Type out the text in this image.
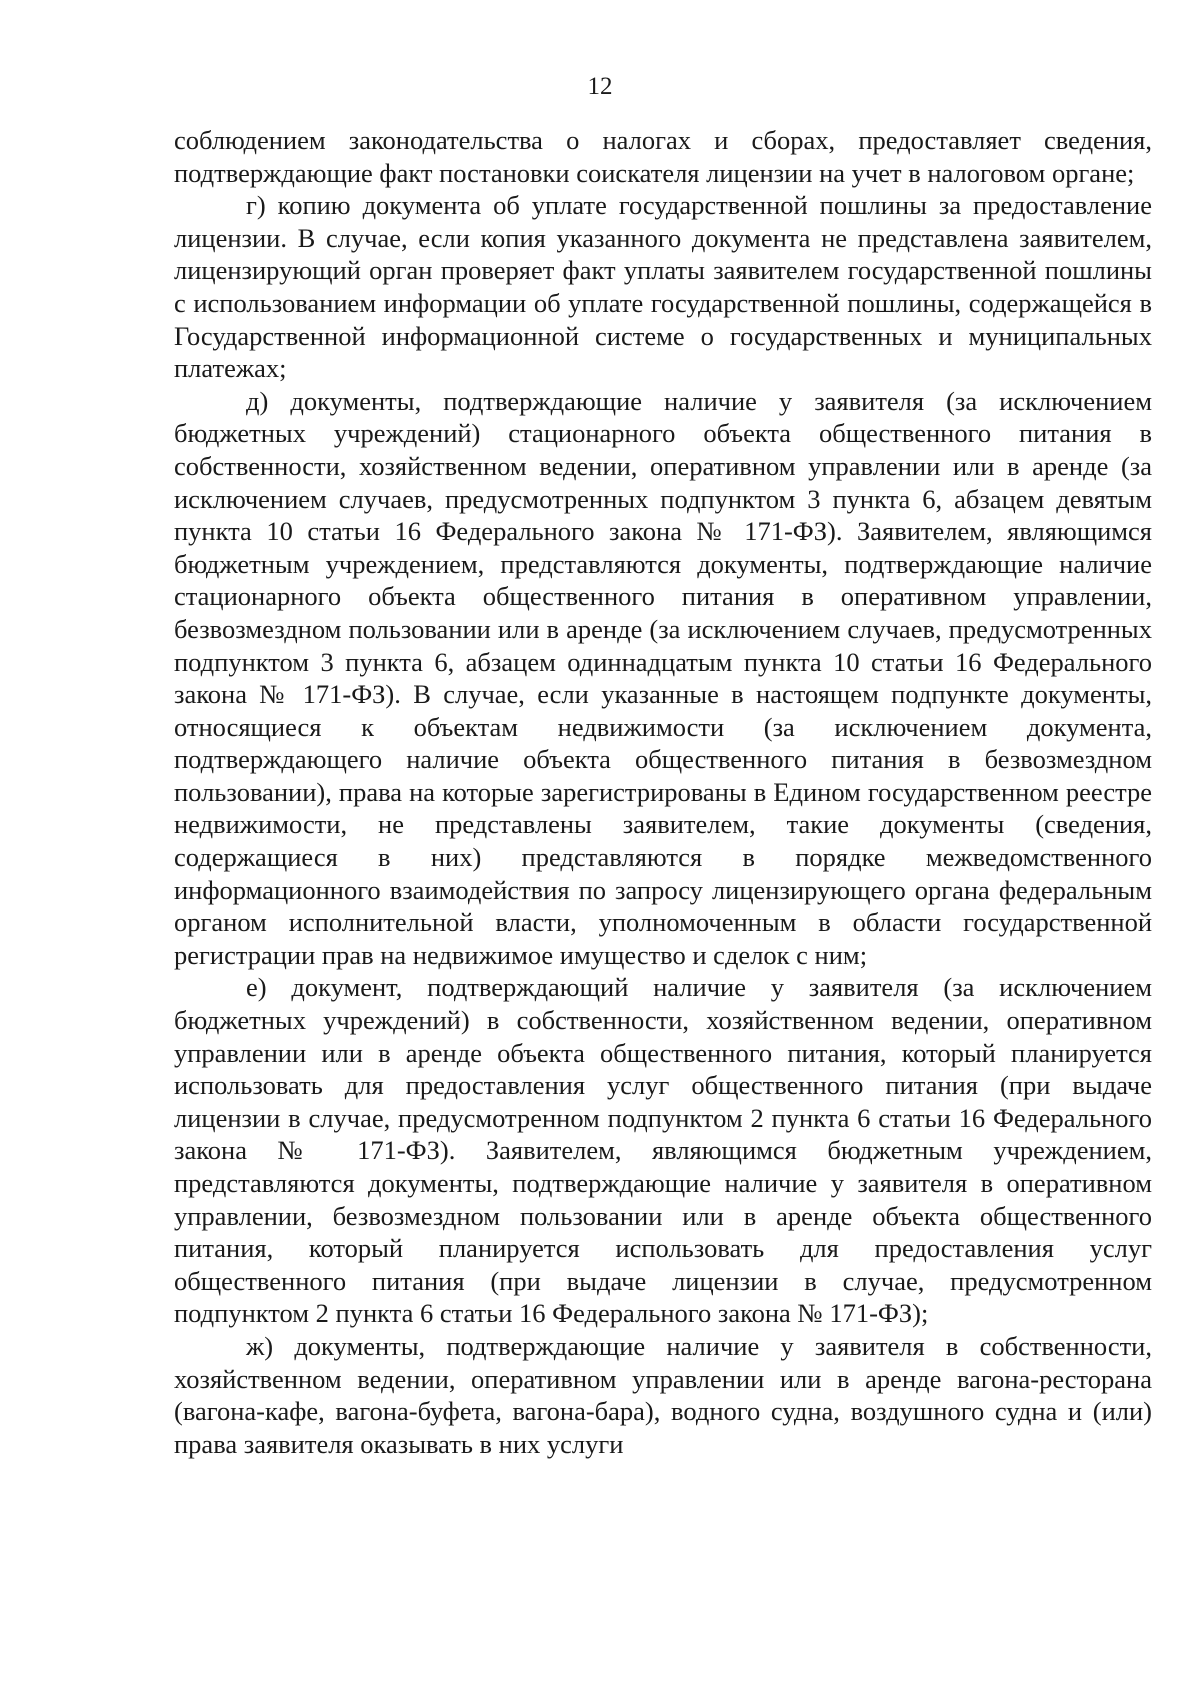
12

соблюдением законодательства о налогах и сборах, предоставляет сведения, подтверждающие факт постановки соискателя лицензии на учет в налоговом органе;

г) копию документа об уплате государственной пошлины за предоставление лицензии. В случае, если копия указанного документа не представлена заявителем, лицензирующий орган проверяет факт уплаты заявителем государственной пошлины с использованием информации об уплате государственной пошлины, содержащейся в Государственной информационной системе о государственных и муниципальных платежах;

д) документы, подтверждающие наличие у заявителя (за исключением бюджетных учреждений) стационарного объекта общественного питания в собственности, хозяйственном ведении, оперативном управлении или в аренде (за исключением случаев, предусмотренных подпунктом 3 пункта 6, абзацем девятым пункта 10 статьи 16 Федерального закона № 171-ФЗ). Заявителем, являющимся бюджетным учреждением, представляются документы, подтверждающие наличие стационарного объекта общественного питания в оперативном управлении, безвозмездном пользовании или в аренде (за исключением случаев, предусмотренных подпунктом 3 пункта 6, абзацем одиннадцатым пункта 10 статьи 16 Федерального закона № 171-ФЗ). В случае, если указанные в настоящем подпункте документы, относящиеся к объектам недвижимости (за исключением документа, подтверждающего наличие объекта общественного питания в безвозмездном пользовании), права на которые зарегистрированы в Едином государственном реестре недвижимости, не представлены заявителем, такие документы (сведения, содержащиеся в них) представляются в порядке межведомственного информационного взаимодействия по запросу лицензирующего органа федеральным органом исполнительной власти, уполномоченным в области государственной регистрации прав на недвижимое имущество и сделок с ним;

е) документ, подтверждающий наличие у заявителя (за исключением бюджетных учреждений) в собственности, хозяйственном ведении, оперативном управлении или в аренде объекта общественного питания, который планируется использовать для предоставления услуг общественного питания (при выдаче лицензии в случае, предусмотренном подпунктом 2 пункта 6 статьи 16 Федерального закона № 171-ФЗ). Заявителем, являющимся бюджетным учреждением, представляются документы, подтверждающие наличие у заявителя в оперативном управлении, безвозмездном пользовании или в аренде объекта общественного питания, который планируется использовать для предоставления услуг общественного питания (при выдаче лицензии в случае, предусмотренном подпунктом 2 пункта 6 статьи 16 Федерального закона № 171-ФЗ);

ж) документы, подтверждающие наличие у заявителя в собственности, хозяйственном ведении, оперативном управлении или в аренде вагона-ресторана (вагона-кафе, вагона-буфета, вагона-бара), водного судна, воздушного судна и (или) права заявителя оказывать в них услуги
